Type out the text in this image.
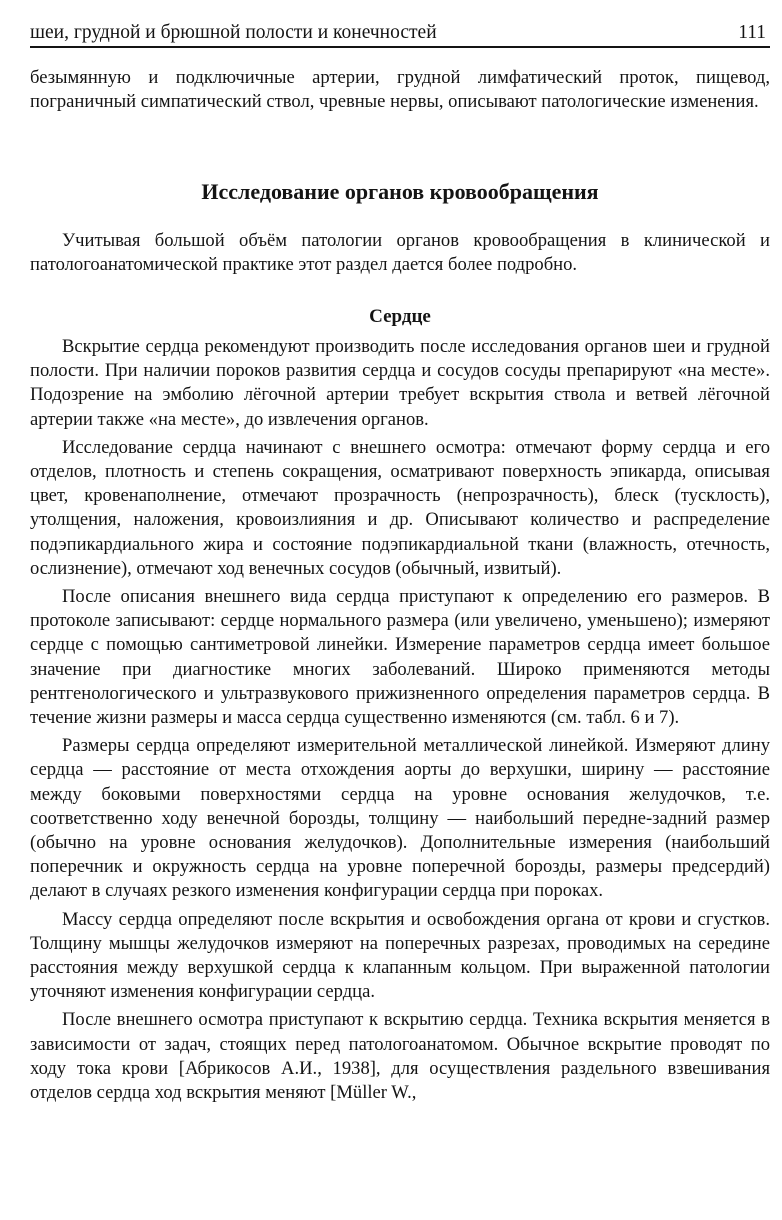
шеи, грудной и брюшной полости и конечностей	111

безымянную и подключичные артерии, грудной лимфатический проток, пищевод, пограничный симпатический ствол, чревные нервы, описывают патологические изменения.

Исследование органов кровообращения

Учитывая большой объём патологии органов кровообращения в клинической и патологоанатомической практике этот раздел дается более подробно.

Сердце

Вскрытие сердца рекомендуют производить после исследования органов шеи и грудной полости. При наличии пороков развития сердца и сосудов сосуды препарируют «на месте». Подозрение на эмболию лёгочной артерии требует вскрытия ствола и ветвей лёгочной артерии также «на месте», до извлечения органов.

Исследование сердца начинают с внешнего осмотра: отмечают форму сердца и его отделов, плотность и степень сокращения, осматривают поверхность эпикарда, описывая цвет, кровенаполнение, отмечают прозрачность (непрозрачность), блеск (тусклость), утолщения, наложения, кровоизлияния и др. Описывают количество и распределение подэпикардиального жира и состояние подэпикардиальной ткани (влажность, отечность, ослизнение), отмечают ход венечных сосудов (обычный, извитый).

После описания внешнего вида сердца приступают к определению его размеров. В протоколе записывают: сердце нормального размера (или увеличено, уменьшено); измеряют сердце с помощью сантиметровой линейки. Измерение параметров сердца имеет большое значение при диагностике многих заболеваний. Широко применяются методы рентгенологического и ультразвукового прижизненного определения параметров сердца. В течение жизни размеры и масса сердца существенно изменяются (см. табл. 6 и 7).

Размеры сердца определяют измерительной металлической линейкой. Измеряют длину сердца — расстояние от места отхождения аорты до верхушки, ширину — расстояние между боковыми поверхностями сердца на уровне основания желудочков, т.е. соответственно ходу венечной борозды, толщину — наибольший передне-задний размер (обычно на уровне основания желудочков). Дополнительные измерения (наибольший поперечник и окружность сердца на уровне поперечной борозды, размеры предсердий) делают в случаях резкого изменения конфигурации сердца при пороках.

Массу сердца определяют после вскрытия и освобождения органа от крови и сгустков. Толщину мышцы желудочков измеряют на поперечных разрезах, проводимых на середине расстояния между верхушкой сердца к клапанным кольцом. При выраженной патологии уточняют изменения конфигурации сердца.

После внешнего осмотра приступают к вскрытию сердца. Техника вскрытия меняется в зависимости от задач, стоящих перед патологоанатомом. Обычное вскрытие проводят по ходу тока крови [Абрикосов А.И., 1938], для осуществления раздельного взвешивания отделов сердца ход вскрытия меняют [Müller W.,
